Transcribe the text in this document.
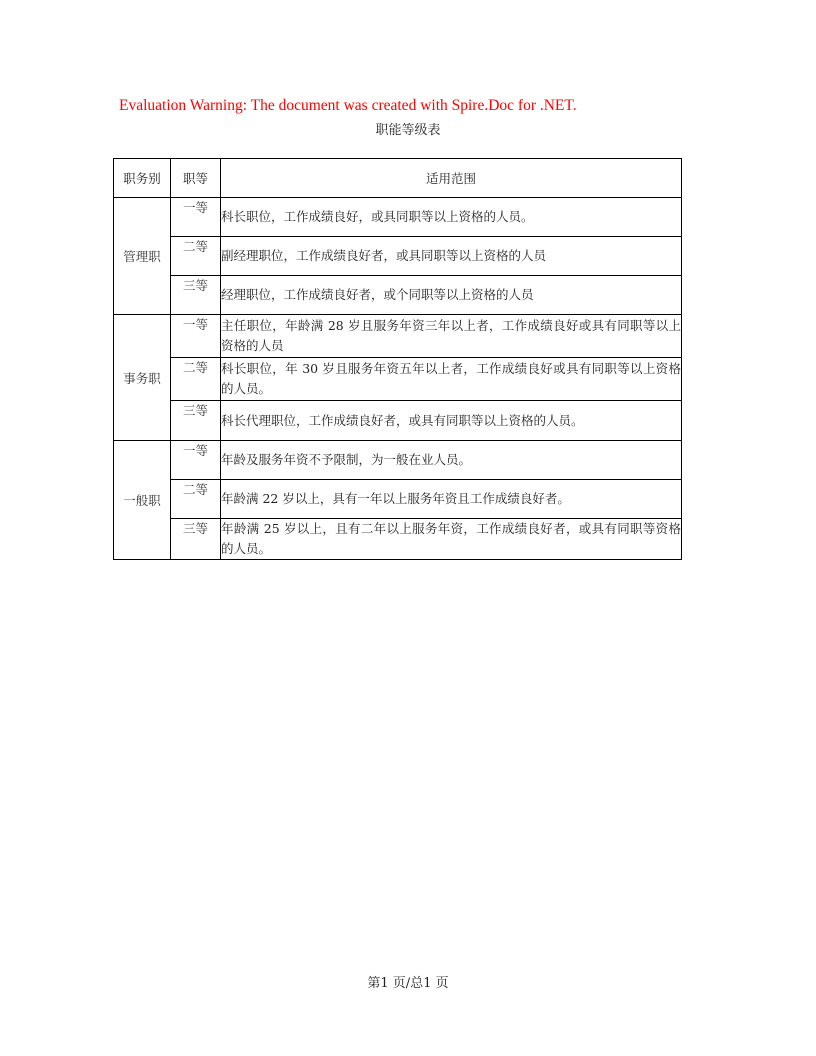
Evaluation Warning: The document was created with Spire.Doc for .NET.
职能等级表
职务别	职等	适用范围
管理职	一等	科长职位，工作成绩良好，或具同职等以上资格的人员。
	二等	副经理职位，工作成绩良好者，或具同职等以上资格的人员
	三等	经理职位，工作成绩良好者，或个同职等以上资格的人员
事务职	一等	主任职位，年龄满 28 岁且服务年资三年以上者，工作成绩良好或具有同职等以上资格的人员
	二等	科长职位，年 30 岁且服务年资五年以上者，工作成绩良好或具有同职等以上资格的人员。
	三等	科长代理职位，工作成绩良好者，或具有同职等以上资格的人员。
一般职	一等	年龄及服务年资不予限制，为一般在业人员。
	二等	年龄满 22 岁以上，具有一年以上服务年资且工作成绩良好者。
	三等	年龄满 25 岁以上，且有二年以上服务年资，工作成绩良好者，或具有同职等资格的人员。
第1 页/总1 页
